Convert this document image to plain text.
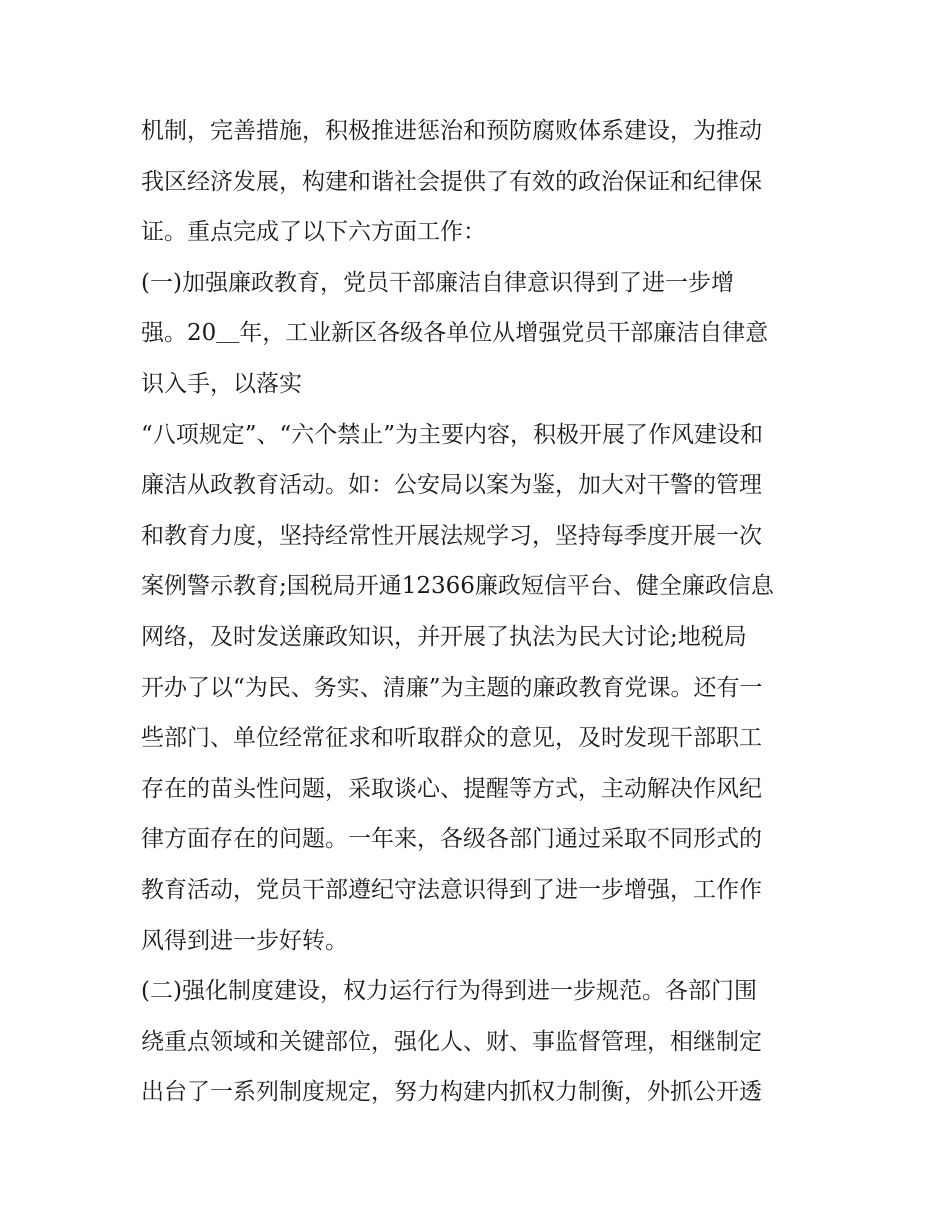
机制，完善措施，积极推进惩治和预防腐败体系建设，为推动
我区经济发展，构建和谐社会提供了有效的政治保证和纪律保
证。重点完成了以下六方面工作：
(一)加强廉政教育，党员干部廉洁自律意识得到了进一步增
强。20＿年，工业新区各级各单位从增强党员干部廉洁自律意
识入手，以落实
“八项规定”、“六个禁止”为主要内容，积极开展了作风建设和
廉洁从政教育活动。如：公安局以案为鉴，加大对干警的管理
和教育力度，坚持经常性开展法规学习，坚持每季度开展一次
案例警示教育;国税局开通12366廉政短信平台、健全廉政信息
网络，及时发送廉政知识，并开展了执法为民大讨论;地税局
开办了以“为民、务实、清廉”为主题的廉政教育党课。还有一
些部门、单位经常征求和听取群众的意见，及时发现干部职工
存在的苗头性问题，采取谈心、提醒等方式，主动解决作风纪
律方面存在的问题。一年来，各级各部门通过采取不同形式的
教育活动，党员干部遵纪守法意识得到了进一步增强，工作作
风得到进一步好转。
(二)强化制度建设，权力运行行为得到进一步规范。各部门围
绕重点领域和关键部位，强化人、财、事监督管理，相继制定
出台了一系列制度规定，努力构建内抓权力制衡，外抓公开透
